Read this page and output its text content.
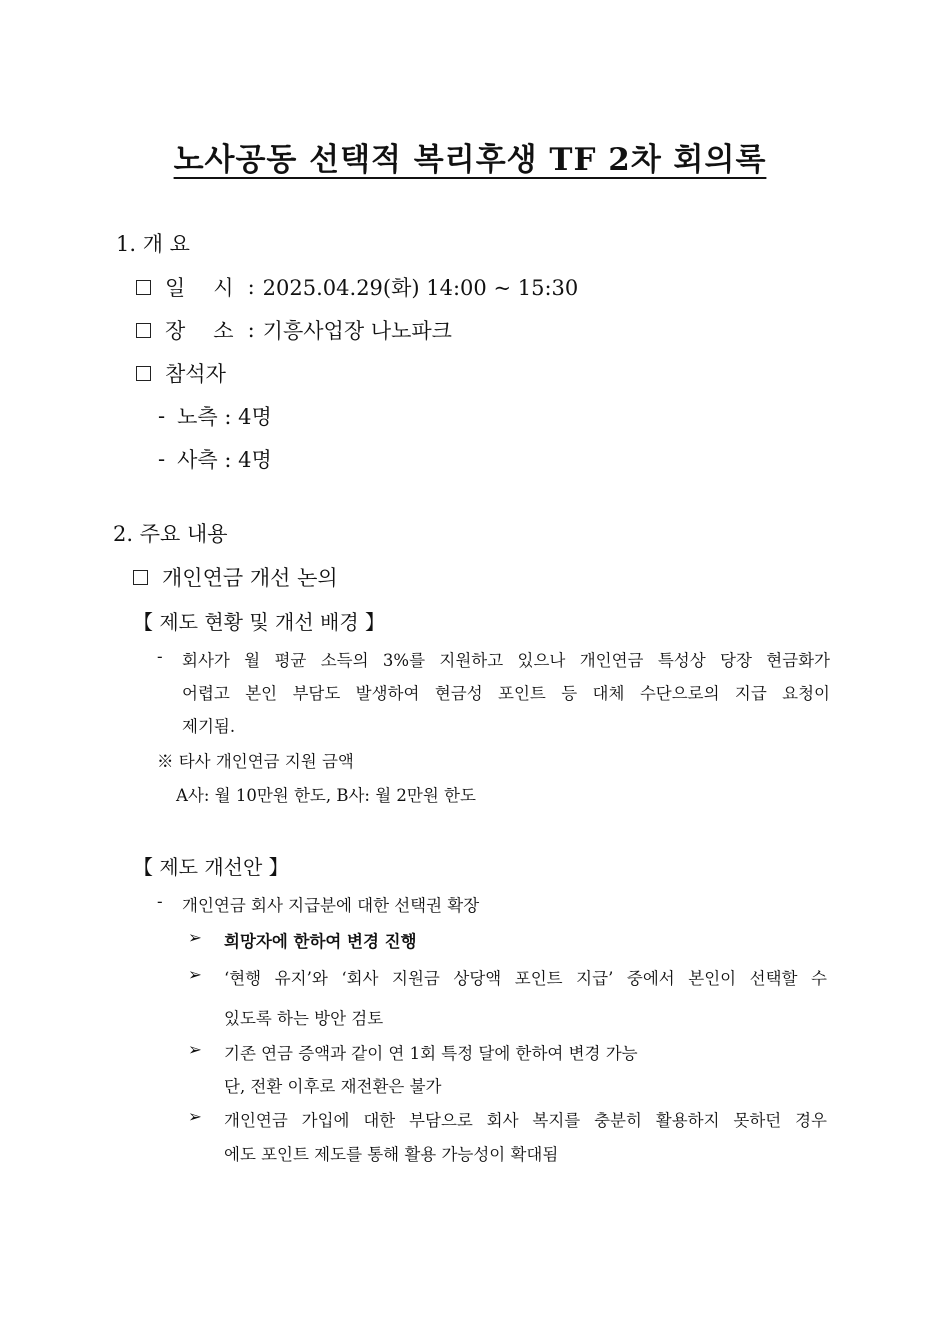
노사공동 선택적 복리후생 TF 2차 회의록
1. 개 요
일 시 : 2025.04.29(화) 14:00 ~ 15:30
장 소 : 기흥사업장 나노파크
참석자
- 노측 : 4명
- 사측 : 4명
2. 주요 내용
개인연금 개선 논의
【 제도 현황 및 개선 배경 】
- 회사가 월 평균 소득의 3%를 지원하고 있으나 개인연금 특성상 당장 현금화가
어렵고 본인 부담도 발생하여 현금성 포인트 등 대체 수단으로의 지급 요청이
제기됨.
※ 타사 개인연금 지원 금액
A사: 월 10만원 한도, B사: 월 2만원 한도
【 제도 개선안 】
- 개인연금 회사 지급분에 대한 선택권 확장
➢ 희망자에 한하여 변경 진행
➢ ‘현행 유지’와 ‘회사 지원금 상당액 포인트 지급’ 중에서 본인이 선택할 수
있도록 하는 방안 검토
➢ 기존 연금 증액과 같이 연 1회 특정 달에 한하여 변경 가능
단, 전환 이후로 재전환은 불가
➢ 개인연금 가입에 대한 부담으로 회사 복지를 충분히 활용하지 못하던 경우
에도 포인트 제도를 통해 활용 가능성이 확대됨
